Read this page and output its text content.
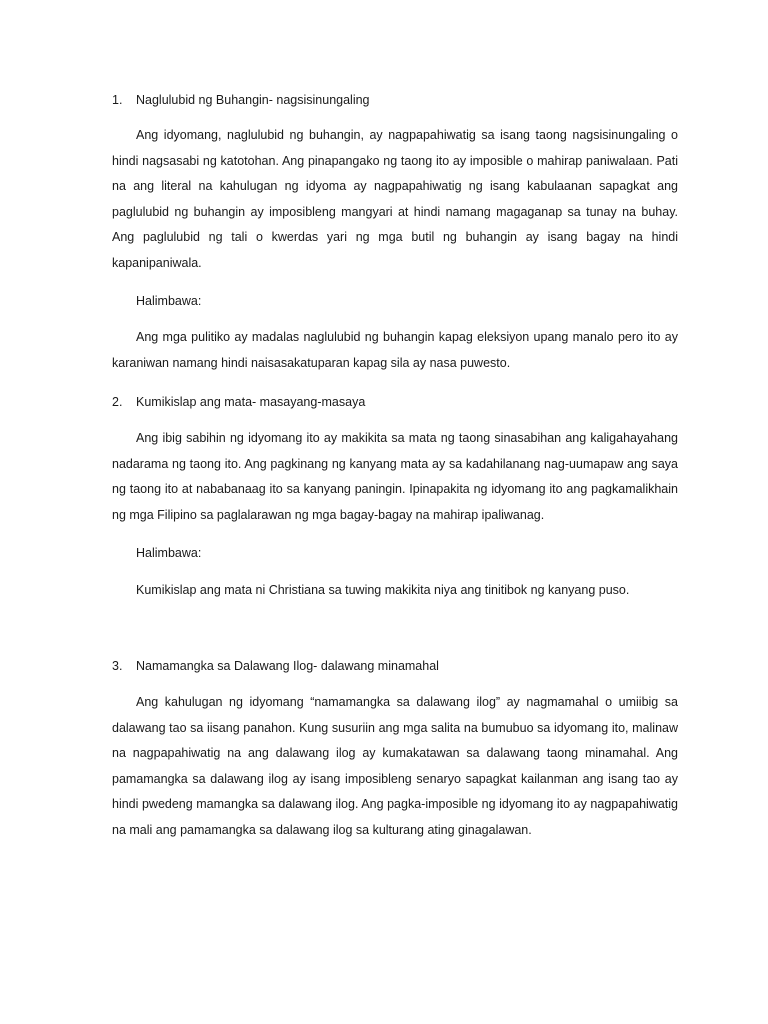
1. Naglulubid ng Buhangin- nagsisinungaling

Ang idyomang, naglulubid ng buhangin, ay nagpapahiwatig sa isang taong nagsisinungaling o hindi nagsasabi ng katotohan. Ang pinapangako ng taong ito ay imposible o mahirap paniwalaan. Pati na ang literal na kahulugan ng idyoma ay nagpapahiwatig ng isang kabulaanan sapagkat ang paglulubid ng buhangin ay imposibleng mangyari at hindi namang magaganap sa tunay na buhay. Ang paglulubid ng tali o kwerdas yari ng mga butil ng buhangin ay isang bagay na hindi kapanipaniwala.

Halimbawa:

Ang mga pulitiko ay madalas naglulubid ng buhangin kapag eleksiyon upang manalo pero ito ay karaniwan namang hindi naisasakatuparan kapag sila ay nasa puwesto.

2. Kumikislap ang mata- masayang-masaya

Ang ibig sabihin ng idyomang ito ay makikita sa mata ng taong sinasabihan ang kaligahayahang nadarama ng taong ito. Ang pagkinang ng kanyang mata ay sa kadahilanang nag-uumapaw ang saya ng taong ito at nababanaag ito sa kanyang paningin. Ipinapakita ng idyomang ito ang pagkamalikhain ng mga Filipino sa paglalarawan ng mga bagay-bagay na mahirap ipaliwanag.

Halimbawa:

Kumikislap ang mata ni Christiana sa tuwing makikita niya ang tinitibok ng kanyang puso.

3. Namamangka sa Dalawang Ilog- dalawang minamahal

Ang kahulugan ng idyomang “namamangka sa dalawang ilog” ay nagmamahal o umiibig sa dalawang tao sa iisang panahon. Kung susuriin ang mga salita na bumubuo sa idyomang ito, malinaw na nagpapahiwatig na ang dalawang ilog ay kumakatawan sa dalawang taong minamahal. Ang pamamangka sa dalawang ilog ay isang imposibleng senaryo sapagkat kailanman ang isang tao ay hindi pwedeng mamangka sa dalawang ilog. Ang pagka-imposible ng idyomang ito ay nagpapahiwatig na mali ang pamamangka sa dalawang ilog sa kulturang ating ginagalawan.
